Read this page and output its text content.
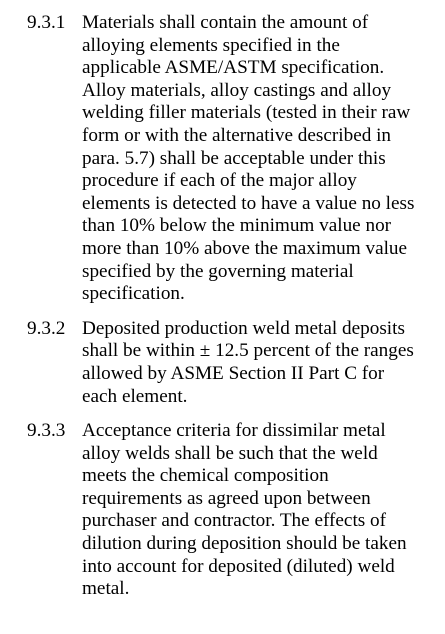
9.3.1 Materials shall contain the amount of
alloying elements specified in the
applicable ASME/ASTM specification.
Alloy materials, alloy castings and alloy
welding filler materials (tested in their raw
form or with the alternative described in
para. 5.7) shall be acceptable under this
procedure if each of the major alloy
elements is detected to have a value no less
than 10% below the minimum value nor
more than 10% above the maximum value
specified by the governing material
specification.
9.3.2 Deposited production weld metal deposits
shall be within ± 12.5 percent of the ranges
allowed by ASME Section II Part C for
each element.
9.3.3 Acceptance criteria for dissimilar metal
alloy welds shall be such that the weld
meets the chemical composition
requirements as agreed upon between
purchaser and contractor. The effects of
dilution during deposition should be taken
into account for deposited (diluted) weld
metal.
